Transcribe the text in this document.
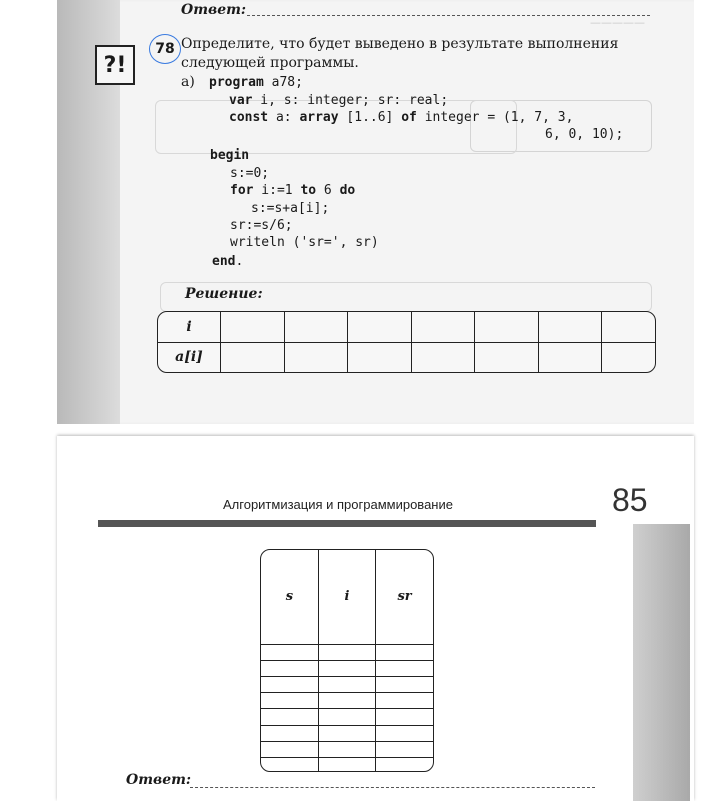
—————
Ответ:
?!
78 Определите, что будет выведено в результате выполнения
следующей программы.
а) program a78;
var i, s: integer; sr: real;
const a: array [1..6] of integer = (1, 7, 3,
6, 0, 10);
begin
s:=0;
for i:=1 to 6 do
s:=s+a[i];
sr:=s/6;
writeln ('sr=', sr)
end.
Решение:
i							
a[i]							
Алгоритмизация и программирование	85
s	i	sr

Ответ:
